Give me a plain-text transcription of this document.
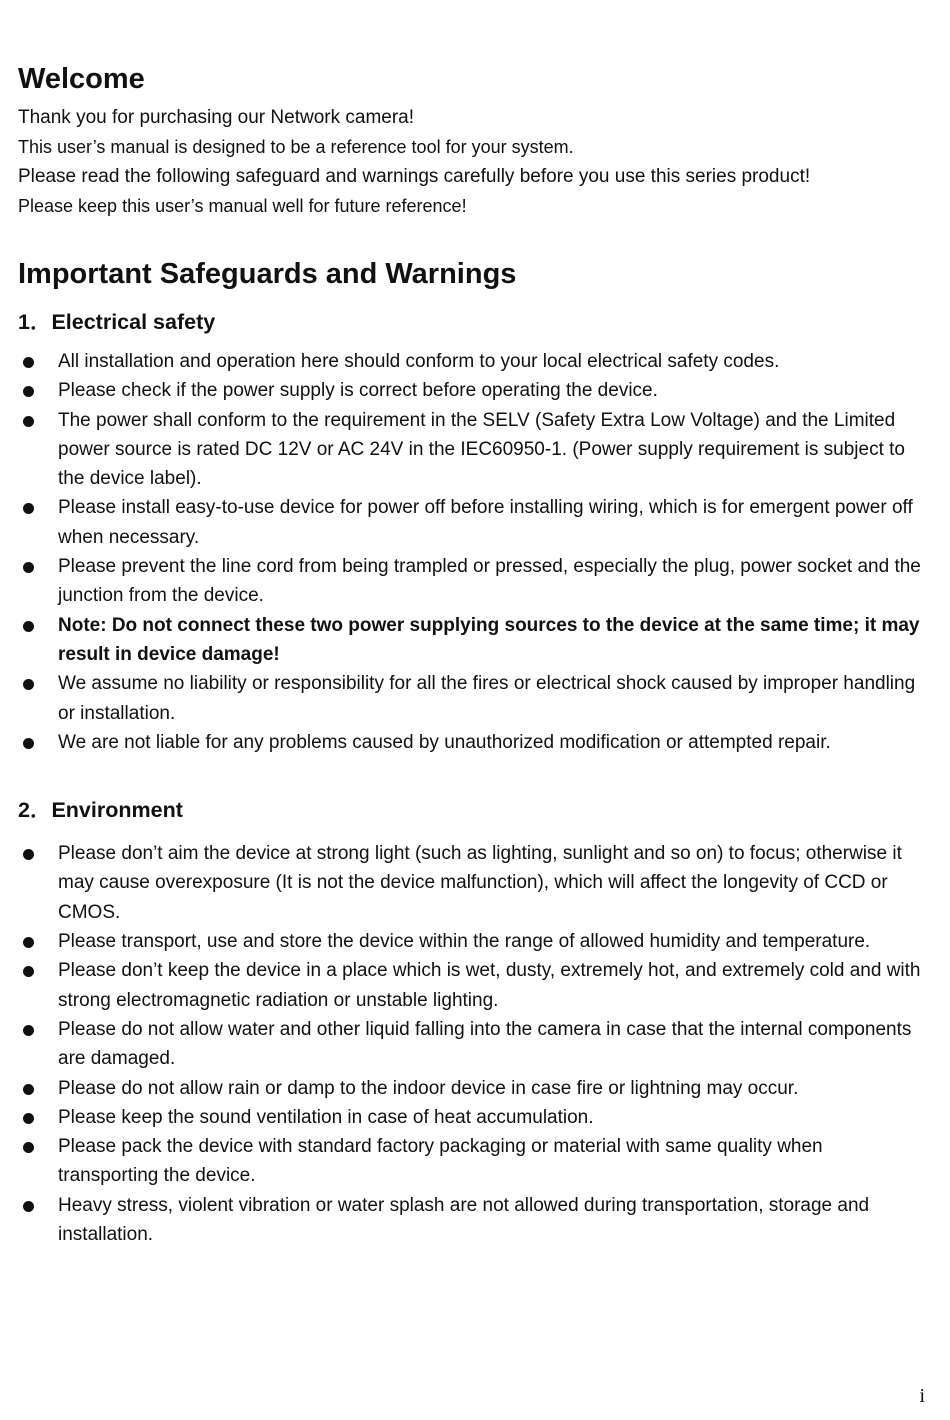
Welcome

Thank you for purchasing our Network camera!

This user’s manual is designed to be a reference tool for your system.

Please read the following safeguard and warnings carefully before you use this series product!

Please keep this user’s manual well for future reference!

Important Safeguards and Warnings
1．Electrical safety
All installation and operation here should conform to your local electrical safety codes.
Please check if the power supply is correct before operating the device.
The power shall conform to the requirement in the SELV (Safety Extra Low Voltage) and the Limited power source is rated DC 12V or AC 24V in the IEC60950-1. (Power supply requirement is subject to the device label).
Please install easy-to-use device for power off before installing wiring, which is for emergent power off when necessary.
Please prevent the line cord from being trampled or pressed, especially the plug, power socket and the junction from the device.
Note: Do not connect these two power supplying sources to the device at the same time; it may result in device damage!
We assume no liability or responsibility for all the fires or electrical shock caused by improper handling or installation.
We are not liable for any problems caused by unauthorized modification or attempted repair.
2．Environment
Please don’t aim the device at strong light (such as lighting, sunlight and so on) to focus; otherwise it may cause overexposure (It is not the device malfunction), which will affect the longevity of CCD or CMOS.
Please transport, use and store the device within the range of allowed humidity and temperature.
Please don’t keep the device in a place which is wet, dusty, extremely hot, and extremely cold and with strong electromagnetic radiation or unstable lighting.
Please do not allow water and other liquid falling into the camera in case that the internal components are damaged.
Please do not allow rain or damp to the indoor device in case fire or lightning may occur.
Please keep the sound ventilation in case of heat accumulation.
Please pack the device with standard factory packaging or material with same quality when transporting the device.
Heavy stress, violent vibration or water splash are not allowed during transportation, storage and installation.
i
